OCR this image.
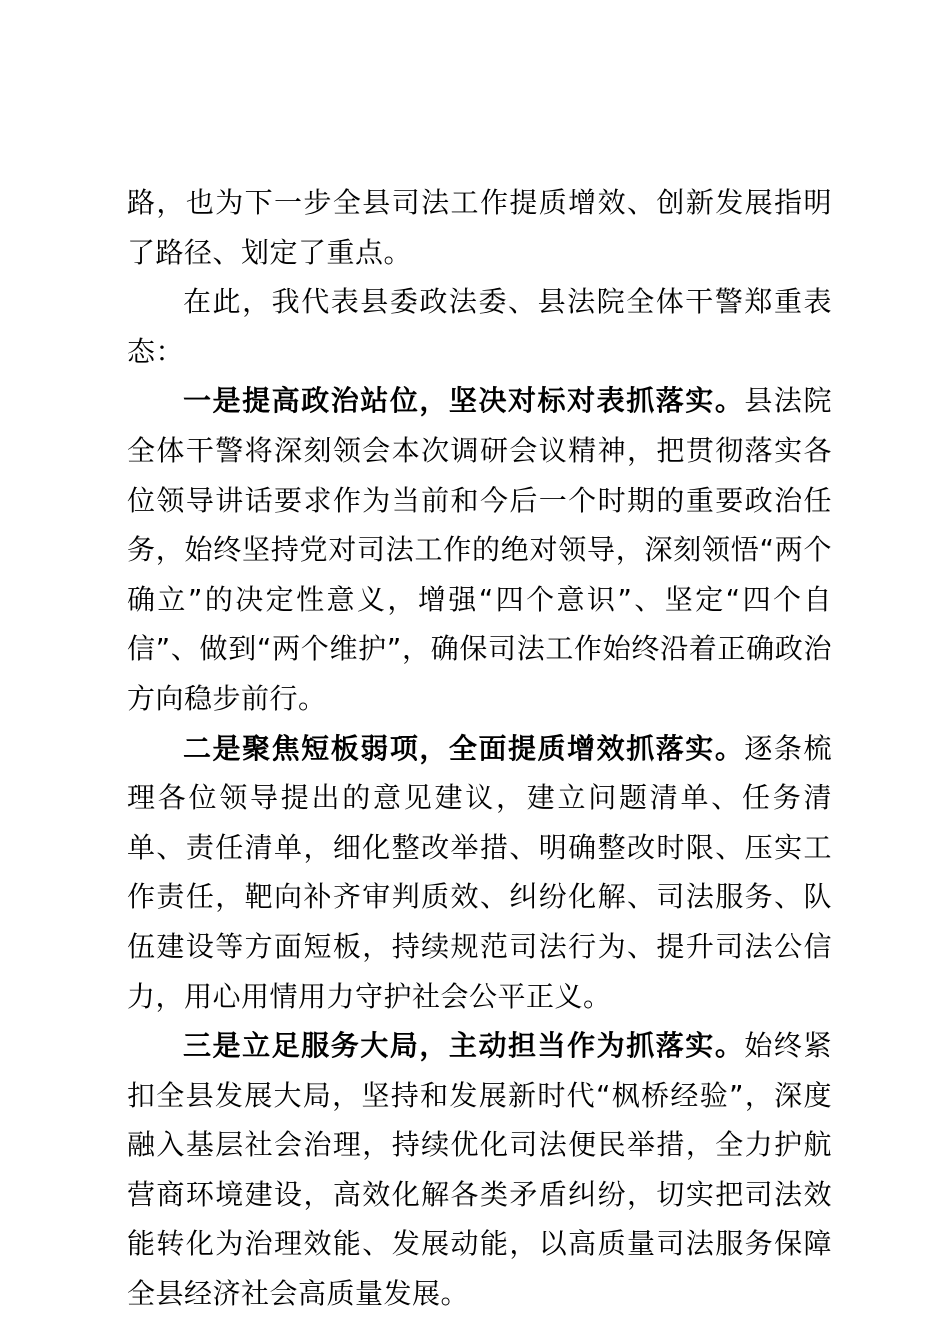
路，也为下一步全县司法工作提质增效、创新发展指明了路径、划定了重点。

在此，我代表县委政法委、县法院全体干警郑重表态：

一是提高政治站位，坚决对标对表抓落实。县法院全体干警将深刻领会本次调研会议精神，把贯彻落实各位领导讲话要求作为当前和今后一个时期的重要政治任务，始终坚持党对司法工作的绝对领导，深刻领悟“两个确立”的决定性意义，增强“四个意识”、坚定“四个自信”、做到“两个维护”，确保司法工作始终沿着正确政治方向稳步前行。

二是聚焦短板弱项，全面提质增效抓落实。逐条梳理各位领导提出的意见建议，建立问题清单、任务清单、责任清单，细化整改举措、明确整改时限、压实工作责任，靶向补齐审判质效、纠纷化解、司法服务、队伍建设等方面短板，持续规范司法行为、提升司法公信力，用心用情用力守护社会公平正义。

三是立足服务大局，主动担当作为抓落实。始终紧扣全县发展大局，坚持和发展新时代“枫桥经验”，深度融入基层社会治理，持续优化司法便民举措，全力护航营商环境建设，高效化解各类矛盾纠纷，切实把司法效能转化为治理效能、发展动能，以高质量司法服务保障全县经济社会高质量发展。
